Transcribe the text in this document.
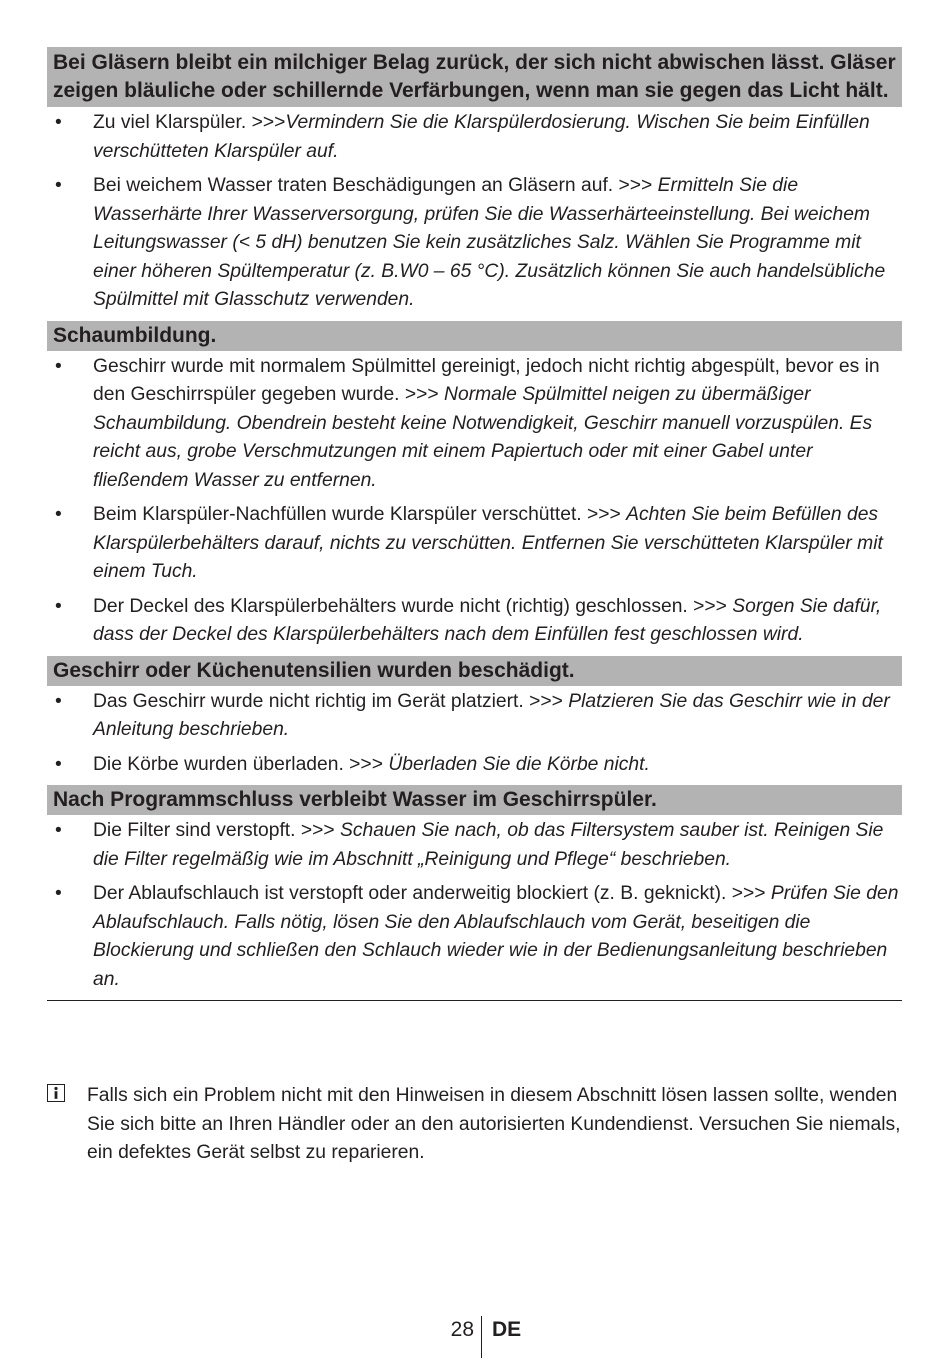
Bei Gläsern bleibt ein milchiger Belag zurück, der sich nicht abwischen lässt. Gläser zeigen bläuliche oder schillernde Verfärbungen, wenn man sie gegen das Licht hält.
• Zu viel Klarspüler. >>>Vermindern Sie die Klarspülerdosierung. Wischen Sie beim Einfüllen verschütteten Klarspüler auf.
• Bei weichem Wasser traten Beschädigungen an Gläsern auf. >>> Ermitteln Sie die Wasserhärte Ihrer Wasserversorgung, prüfen Sie die Wasserhärteeinstellung. Bei weichem Leitungswasser (< 5 dH) benutzen Sie kein zusätzliches Salz. Wählen Sie Programme mit einer höheren Spültemperatur (z. B.W0 – 65 °C). Zusätzlich können Sie auch handelsübliche Spülmittel mit Glasschutz verwenden.
Schaumbildung.
• Geschirr wurde mit normalem Spülmittel gereinigt, jedoch nicht richtig abgespült, bevor es in den Geschirrspüler gegeben wurde. >>> Normale Spülmittel neigen zu übermäßiger Schaumbildung. Obendrein besteht keine Notwendigkeit, Geschirr manuell vorzuspülen. Es reicht aus, grobe Verschmutzungen mit einem Papiertuch oder mit einer Gabel unter fließendem Wasser zu entfernen.
• Beim Klarspüler-Nachfüllen wurde Klarspüler verschüttet. >>> Achten Sie beim Befüllen des Klarspülerbehälters darauf, nichts zu verschütten. Entfernen Sie verschütteten Klarspüler mit einem Tuch.
• Der Deckel des Klarspülerbehälters wurde nicht (richtig) geschlossen. >>> Sorgen Sie dafür, dass der Deckel des Klarspülerbehälters nach dem Einfüllen fest geschlossen wird.
Geschirr oder Küchenutensilien wurden beschädigt.
• Das Geschirr wurde nicht richtig im Gerät platziert. >>> Platzieren Sie das Geschirr wie in der Anleitung beschrieben.
• Die Körbe wurden überladen. >>> Überladen Sie die Körbe nicht.
Nach Programmschluss verbleibt Wasser im Geschirrspüler.
• Die Filter sind verstopft. >>> Schauen Sie nach, ob das Filtersystem sauber ist. Reinigen Sie die Filter regelmäßig wie im Abschnitt „Reinigung und Pflege“ beschrieben.
• Der Ablaufschlauch ist verstopft oder anderweitig blockiert (z. B. geknickt). >>> Prüfen Sie den Ablaufschlauch. Falls nötig, lösen Sie den Ablaufschlauch vom Gerät, beseitigen die Blockierung und schließen den Schlauch wieder wie in der Bedienungsanleitung beschrieben an.
Falls sich ein Problem nicht mit den Hinweisen in diesem Abschnitt lösen lassen sollte, wenden Sie sich bitte an Ihren Händler oder an den autorisierten Kundendienst. Versuchen Sie niemals, ein defektes Gerät selbst zu reparieren.
28 DE
